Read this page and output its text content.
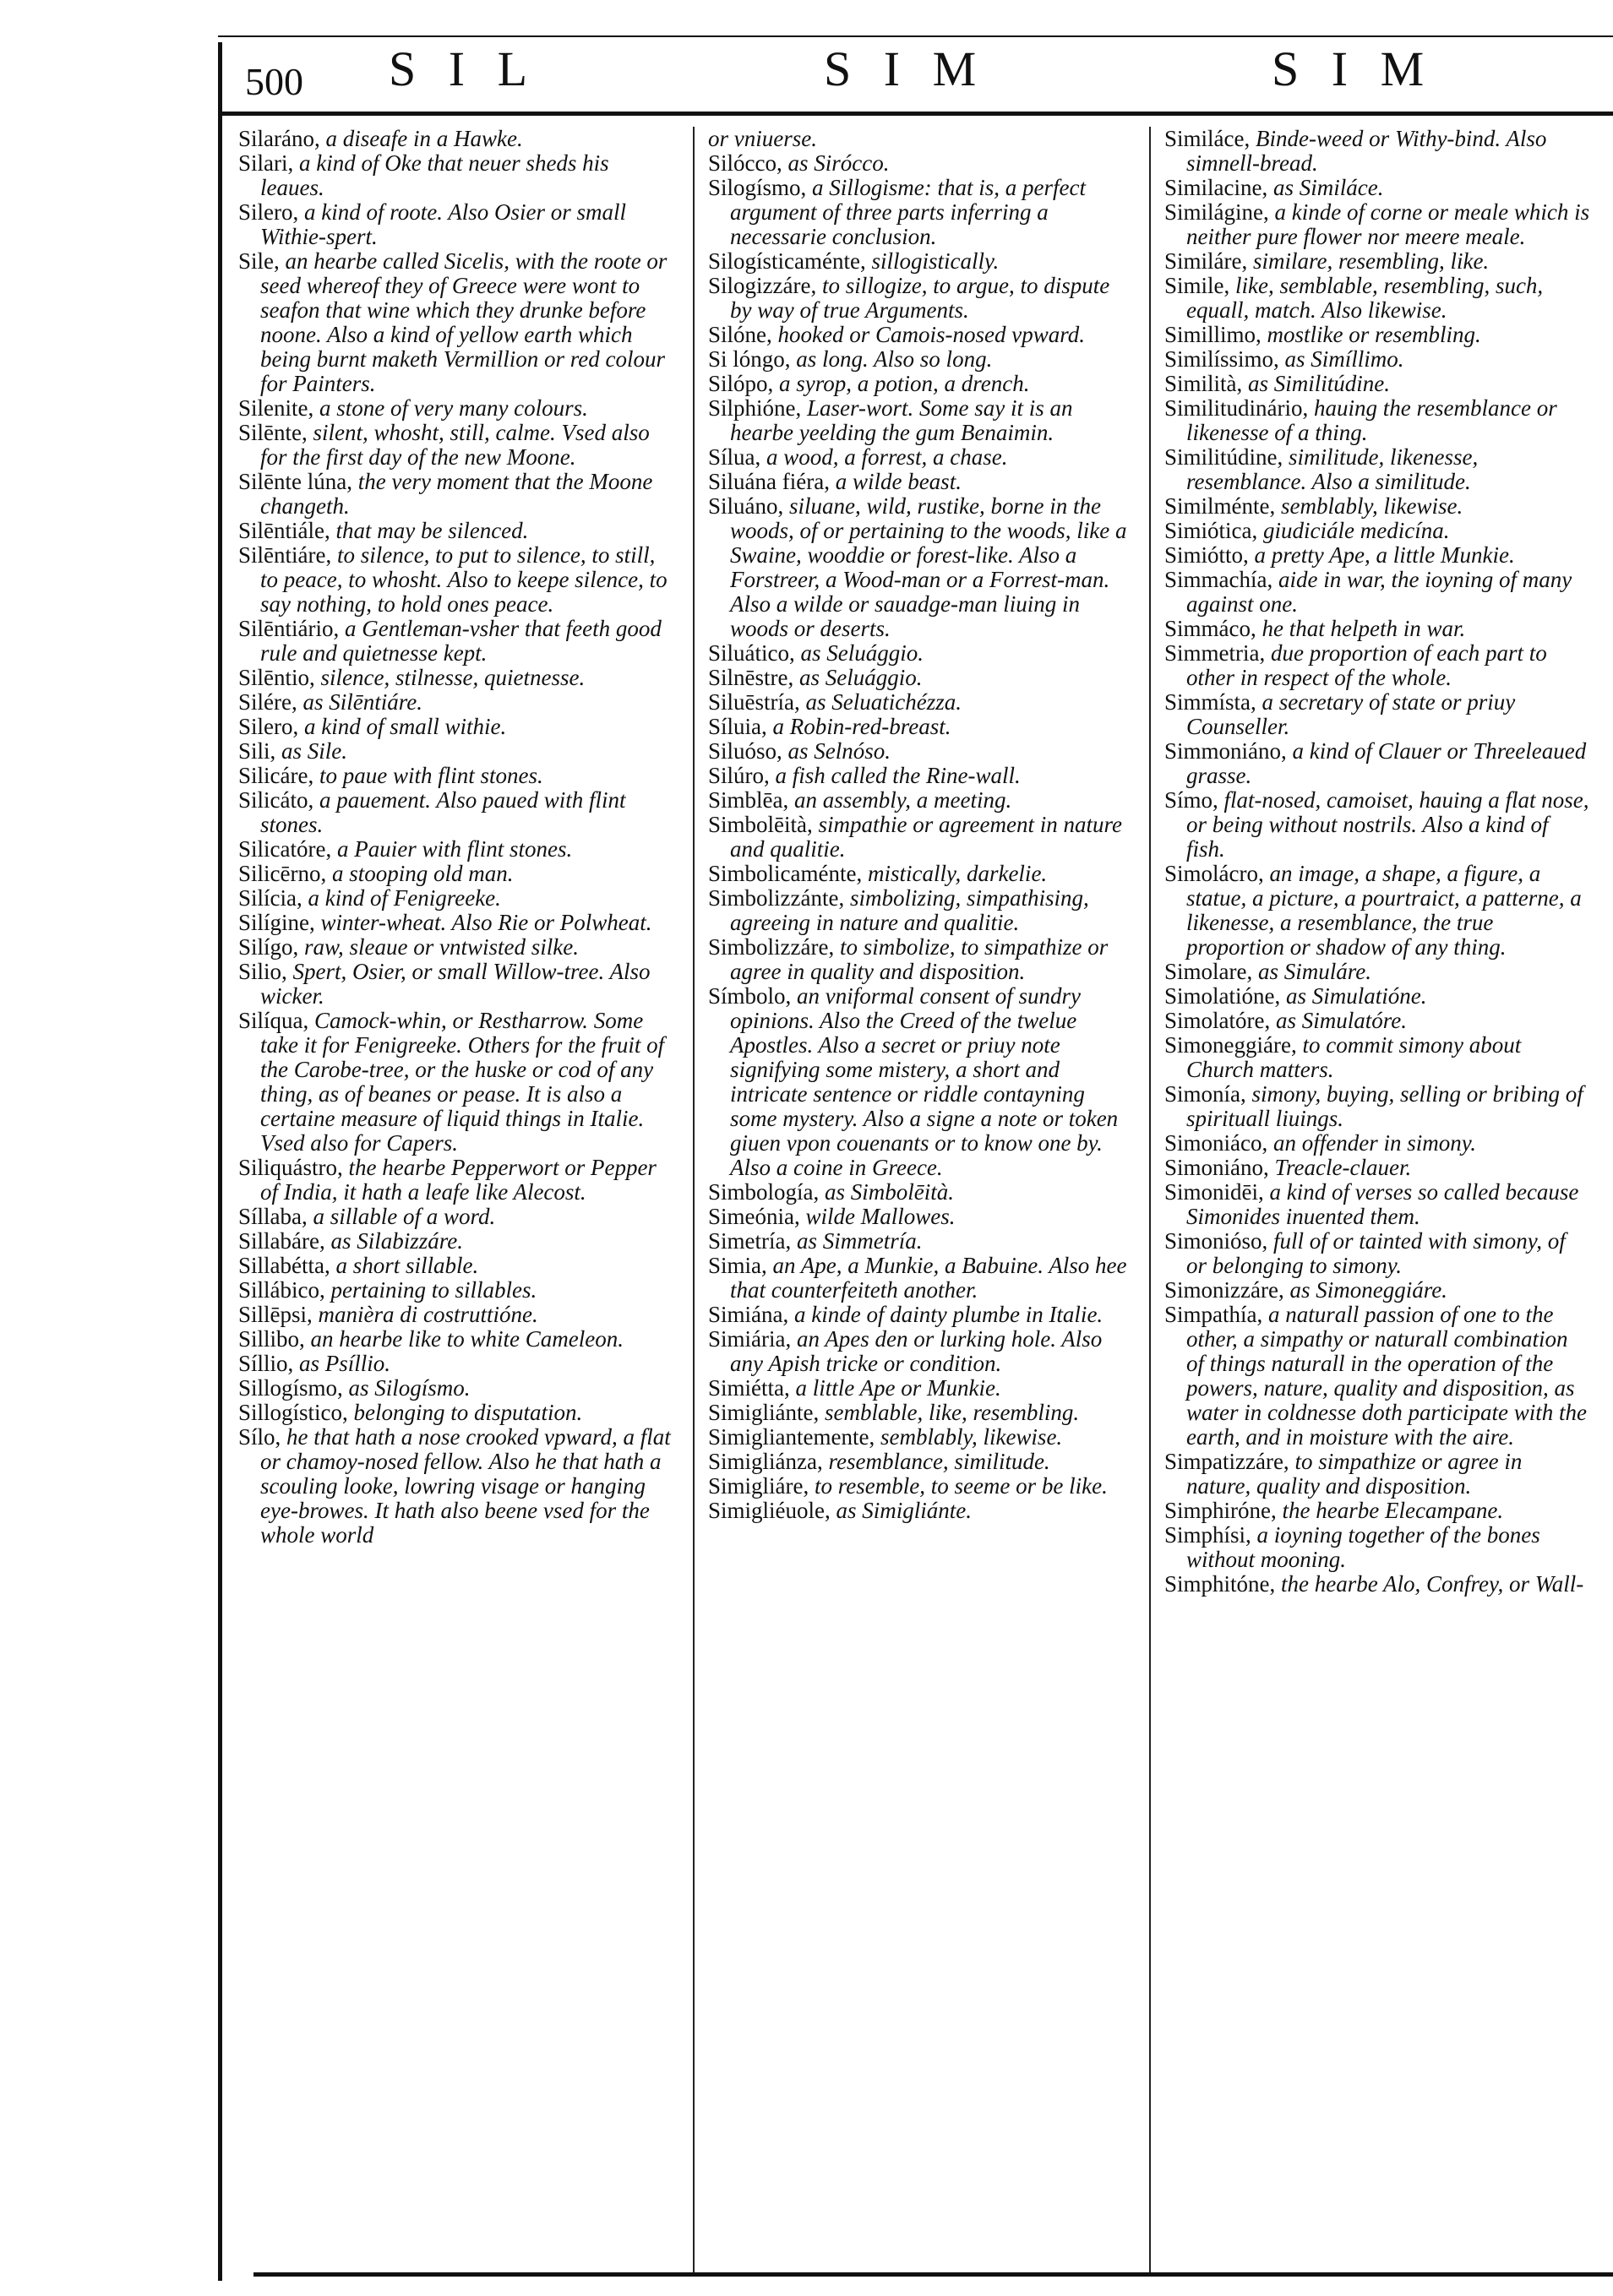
500 S I L	S I M	S I M
Silaráno, a diseafe in a Hawke.
Silari, a kind of Oke that neuer sheds his leaues.
Silero, a kind of roote. Also Osier or small Withie-spert.
Sile, an hearbe called Sicelis, with the roote or seed whereof they of Greece were wont to seafon that wine which they drunke before noone. Also a kind of yellow earth which being burnt maketh Vermillion or red colour for Painters.
Silenite, a stone of very many colours.
Silēnte, silent, whosht, still, calme. Vsed also for the first day of the new Moone.
Silēnte lúna, the very moment that the Moone changeth.
Silēntiále, that may be silenced.
Silēntiáre, to silence, to put to silence, to still, to peace, to whosht. Also to keepe silence, to say nothing, to hold ones peace.
Silēntiário, a Gentleman-vsher that feeth good rule and quietnesse kept.
Silēntio, silence, stilnesse, quietnesse.
Silére, as Silēntiáre.
Silero, a kind of small withie.
Sili, as Sile.
Silicáre, to paue with flint stones.
Silicáto, a pauement. Also paued with flint stones.
Silicatóre, a Pauier with flint stones.
Silicērno, a stooping old man.
Silícia, a kind of Fenigreeke.
Silígine, winter-wheat. Also Rie or Polwheat.
Silígo, raw, sleaue or vntwisted silke.
Silio, Spert, Osier, or small Willow-tree. Also wicker.
Silíqua, Camock-whin, or Restharrow. Some take it for Fenigreeke. Others for the fruit of the Carobe-tree, or the huske or cod of any thing, as of beanes or pease. It is also a certaine measure of liquid things in Italie. Vsed also for Capers.
Siliquástro, the hearbe Pepperwort or Pepper of India, it hath a leafe like Alecost.
Síllaba, a sillable of a word.
Sillabáre, as Silabizzáre.
Sillabétta, a short sillable.
Sillábico, pertaining to sillables.
Sillēpsi, manièra di costruttióne.
Sillibo, an hearbe like to white Cameleon.
Síllio, as Psíllio.
Sillogísmo, as Silogísmo.
Sillogístico, belonging to disputation.
Sílo, he that hath a nose crooked vpward, a flat or chamoy-nosed fellow. Also he that hath a scouling looke, lowring visage or hanging eye-browes. It hath also beene vsed for the whole world
or vniuerse.
Silócco, as Sirócco.
Silogísmo, a Sillogisme: that is, a perfect argument of three parts inferring a necessarie conclusion.
Silogísticaménte, sillogistically.
Silogizzáre, to sillogize, to argue, to dispute by way of true Arguments.
Silóne, hooked or Camois-nosed vpward.
Si lóngo, as long. Also so long.
Silópo, a syrop, a potion, a drench.
Silphióne, Laser-wort. Some say it is an hearbe yeelding the gum Benaimin.
Sílua, a wood, a forrest, a chase.
Siluána fiéra, a wilde beast.
Siluáno, siluane, wild, rustike, borne in the woods, of or pertaining to the woods, like a Swaine, wooddie or forest-like. Also a Forstreer, a Wood-man or a Forrest-man. Also a wilde or sauadge-man liuing in woods or deserts.
Siluático, as Seluággio.
Silnēstre, as Seluággio.
Siluēstría, as Seluatichézza.
Síluia, a Robin-red-breast.
Siluóso, as Selnóso.
Silúro, a fish called the Rine-wall.
Simblēa, an assembly, a meeting.
Simbolēità, simpathie or agreement in nature and qualitie.
Simbolicaménte, mistically, darkelie.
Simbolizzánte, simbolizing, simpathising, agreeing in nature and qualitie.
Simbolizzáre, to simbolize, to simpathize or agree in quality and disposition.
Símbolo, an vniformal consent of sundry opinions. Also the Creed of the twelue Apostles. Also a secret or priuy note signifying some mistery, a short and intricate sentence or riddle contayning some mystery. Also a signe a note or token giuen vpon couenants or to know one by. Also a coine in Greece.
Simbología, as Simbolēità.
Simeónia, wilde Mallowes.
Simetría, as Simmetría.
Simia, an Ape, a Munkie, a Babuine. Also hee that counterfeiteth another.
Simiána, a kinde of dainty plumbe in Italie.
Simiária, an Apes den or lurking hole. Also any Apish tricke or condition.
Simiétta, a little Ape or Munkie.
Simigliánte, semblable, like, resembling.
Simigliantemente, semblably, likewise.
Simigliánza, resemblance, similitude.
Simigliáre, to resemble, to seeme or be like.
Simigliéuole, as Simigliánte.
Similáce, Binde-weed or Withy-bind. Also simnell-bread.
Similacine, as Similáce.
Similágine, a kinde of corne or meale which is neither pure flower nor meere meale.
Similáre, similare, resembling, like.
Simile, like, semblable, resembling, such, equall, match. Also likewise.
Simillimo, mostlike or resembling.
Similíssimo, as Simíllimo.
Similità, as Similitúdine.
Similitudinário, hauing the resemblance or likenesse of a thing.
Similitúdine, similitude, likenesse, resemblance. Also a similitude.
Similménte, semblably, likewise.
Simiótica, giudiciále medicína.
Simiótto, a pretty Ape, a little Munkie.
Simmachía, aide in war, the ioyning of many against one.
Simmáco, he that helpeth in war.
Simmetria, due proportion of each part to other in respect of the whole.
Simmísta, a secretary of state or priuy Counseller.
Simmoniáno, a kind of Clauer or Threeleaued grasse.
Símo, flat-nosed, camoiset, hauing a flat nose, or being without nostrils. Also a kind of fish.
Simolácro, an image, a shape, a figure, a statue, a picture, a pourtraict, a patterne, a likenesse, a resemblance, the true proportion or shadow of any thing.
Simolare, as Simuláre.
Simolatióne, as Simulatióne.
Simolatóre, as Simulatóre.
Simoneggiáre, to commit simony about Church matters.
Simonía, simony, buying, selling or bribing of spirituall liuings.
Simoniáco, an offender in simony.
Simoniáno, Treacle-clauer.
Simonidēi, a kind of verses so called because Simonides inuented them.
Simonióso, full of or tainted with simony, of or belonging to simony.
Simonizzáre, as Simoneggiáre.
Simpathía, a naturall passion of one to the other, a simpathy or naturall combination of things naturall in the operation of the powers, nature, quality and disposition, as water in coldnesse doth participate with the earth, and in moisture with the aire.
Simpatizzáre, to simpathize or agree in nature, quality and disposition.
Simphiróne, the hearbe Elecampane.
Simphísi, a ioyning together of the bones without mooning.
Simphitóne, the hearbe Alo, Confrey, or Wall-
